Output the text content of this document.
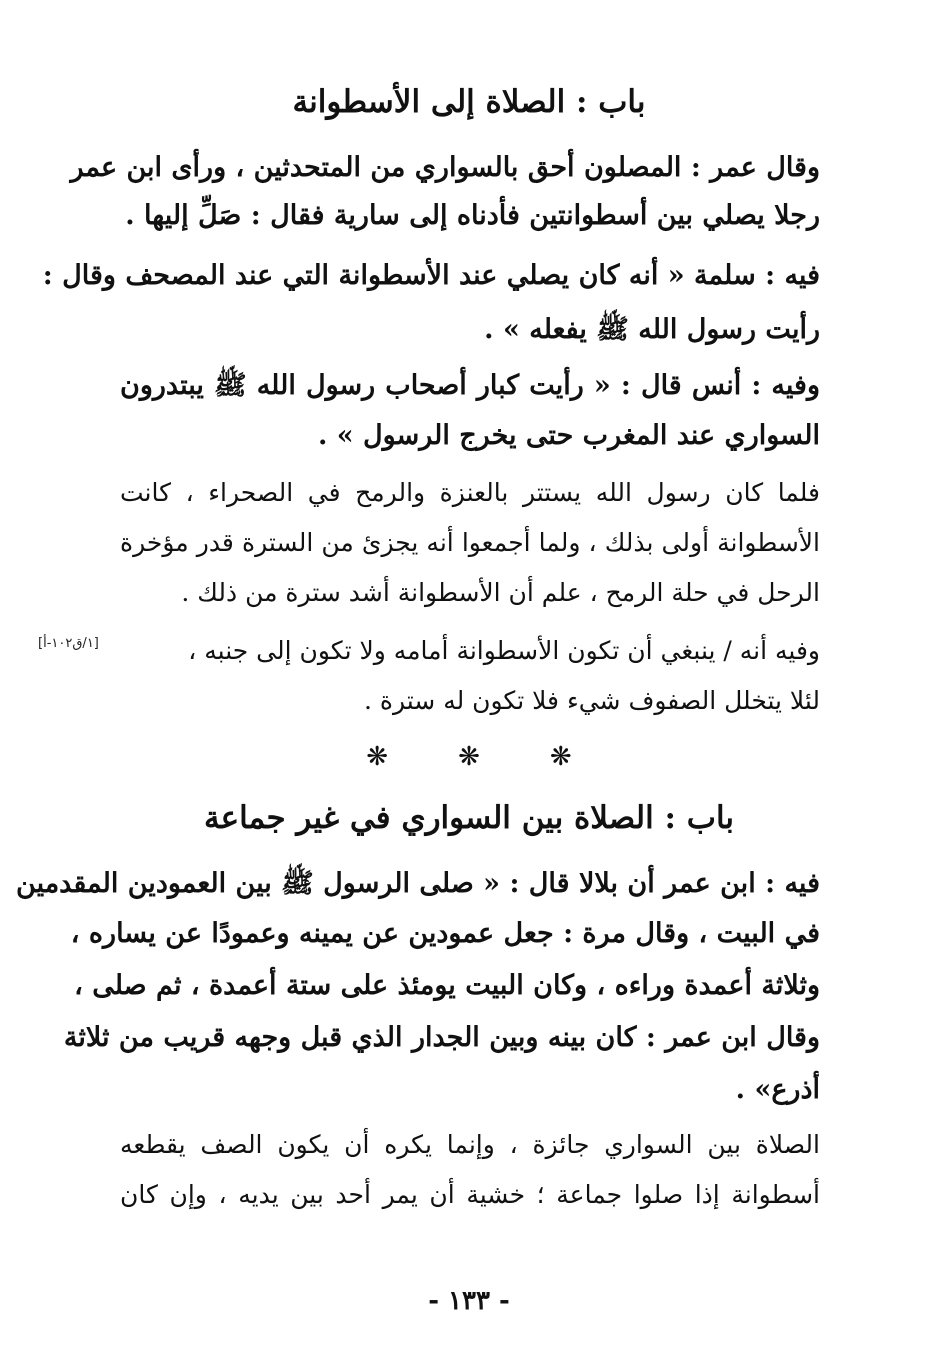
باب : الصلاة إلى الأسطوانة
وقال عمر : المصلون أحق بالسواري من المتحدثين ، ورأى ابن عمر
رجلا يصلي بين أسطوانتين فأدناه إلى سارية فقال : صَلِّ إليها .
فيه : سلمة « أنه كان يصلي عند الأسطوانة التي عند المصحف وقال :
رأيت رسول الله ﷺ يفعله » .
وفيه : أنس قال : « رأيت كبار أصحاب رسول الله ﷺ يبتدرون
السواري عند المغرب حتى يخرج الرسول » .
فلما كان رسول الله يستتر بالعنزة والرمح في الصحراء ، كانت
الأسطوانة أولى بذلك ، ولما أجمعوا أنه يجزئ من السترة قدر مؤخرة
الرحل في حلة الرمح ، علم أن الأسطوانة أشد سترة من ذلك .
وفيه أنه / ينبغي أن تكون الأسطوانة أمامه ولا تكون إلى جنبه ،
[١/ق١٠٢-أ]
لئلا يتخلل الصفوف شيء فلا تكون له سترة .
❋	❋	❋
باب : الصلاة بين السواري في غير جماعة
فيه : ابن عمر أن بلالا قال : « صلى الرسول ﷺ بين العمودين المقدمين
في البيت ، وقال مرة : جعل عمودين عن يمينه وعمودًا عن يساره ،
وثلاثة أعمدة وراءه ، وكان البيت يومئذ على ستة أعمدة ، ثم صلى ،
وقال ابن عمر : كان بينه وبين الجدار الذي قبل وجهه قريب من ثلاثة
أذرع» .
الصلاة بين السواري جائزة ، وإنما يكره أن يكون الصف يقطعه
أسطوانة إذا صلوا جماعة ؛ خشية أن يمر أحد بين يديه ، وإن كان
- ١٣٣ -
